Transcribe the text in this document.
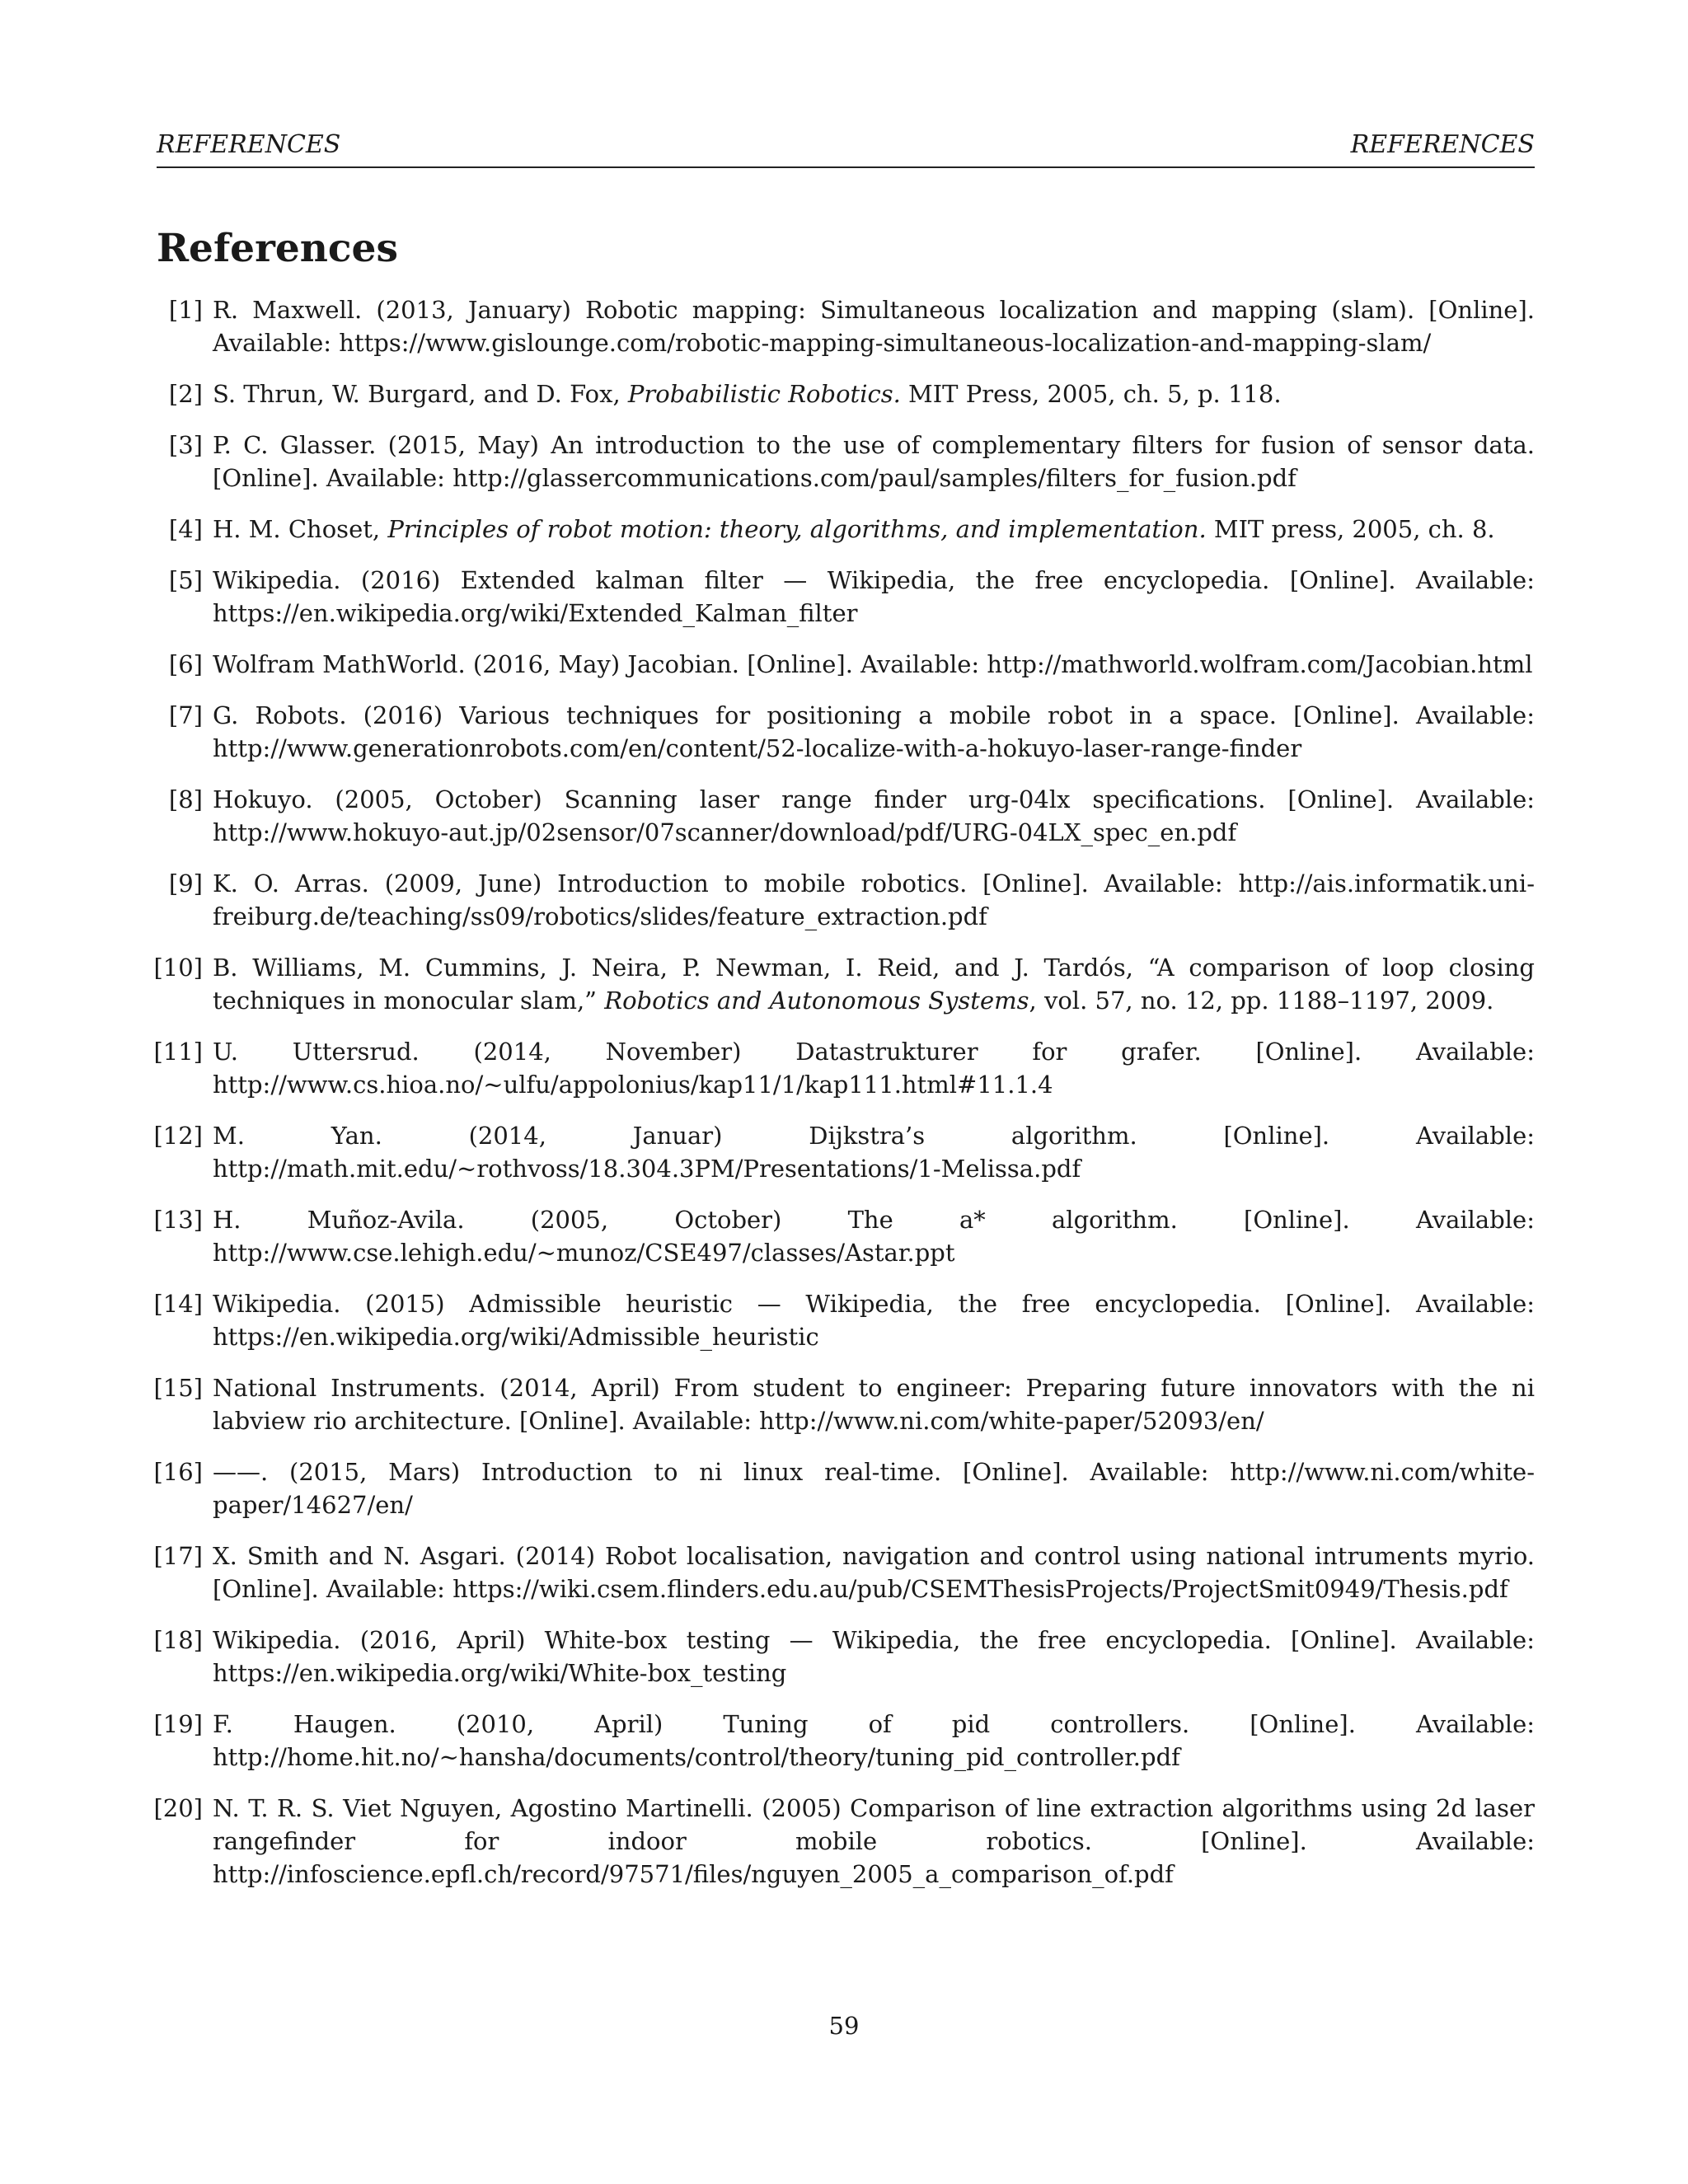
REFERENCES	REFERENCES
References
[1] R. Maxwell. (2013, January) Robotic mapping: Simultaneous localization and mapping (slam). [Online]. Available: https://www.gislounge.com/robotic-mapping-simultaneous-localization-and-mapping-slam/
[2] S. Thrun, W. Burgard, and D. Fox, Probabilistic Robotics. MIT Press, 2005, ch. 5, p. 118.
[3] P. C. Glasser. (2015, May) An introduction to the use of complementary filters for fusion of sensor data. [Online]. Available: http://glassercommunications.com/paul/samples/filters_for_fusion.pdf
[4] H. M. Choset, Principles of robot motion: theory, algorithms, and implementation. MIT press, 2005, ch. 8.
[5] Wikipedia. (2016) Extended kalman filter — Wikipedia, the free encyclopedia. [Online]. Available: https://en.wikipedia.org/wiki/Extended_Kalman_filter
[6] Wolfram MathWorld. (2016, May) Jacobian. [Online]. Available: http://mathworld.wolfram.com/Jacobian.html
[7] G. Robots. (2016) Various techniques for positioning a mobile robot in a space. [Online]. Available: http://www.generationrobots.com/en/content/52-localize-with-a-hokuyo-laser-range-finder
[8] Hokuyo. (2005, October) Scanning laser range finder urg-04lx specifications. [Online]. Available: http://www.hokuyo-aut.jp/02sensor/07scanner/download/pdf/URG-04LX_spec_en.pdf
[9] K. O. Arras. (2009, June) Introduction to mobile robotics. [Online]. Available: http://ais.informatik.uni-freiburg.de/teaching/ss09/robotics/slides/feature_extraction.pdf
[10] B. Williams, M. Cummins, J. Neira, P. Newman, I. Reid, and J. Tardós, “A comparison of loop closing techniques in monocular slam,” Robotics and Autonomous Systems, vol. 57, no. 12, pp. 1188–1197, 2009.
[11] U. Uttersrud. (2014, November) Datastrukturer for grafer. [Online]. Available: http://www.cs.hioa.no/~ulfu/appolonius/kap11/1/kap111.html#11.1.4
[12] M. Yan. (2014, Januar) Dijkstra’s algorithm. [Online]. Available: http://math.mit.edu/~rothvoss/18.304.3PM/Presentations/1-Melissa.pdf
[13] H. Muñoz-Avila. (2005, October) The a* algorithm. [Online]. Available: http://www.cse.lehigh.edu/~munoz/CSE497/classes/Astar.ppt
[14] Wikipedia. (2015) Admissible heuristic — Wikipedia, the free encyclopedia. [Online]. Available: https://en.wikipedia.org/wiki/Admissible_heuristic
[15] National Instruments. (2014, April) From student to engineer: Preparing future innovators with the ni labview rio architecture. [Online]. Available: http://www.ni.com/white-paper/52093/en/
[16] ——. (2015, Mars) Introduction to ni linux real-time. [Online]. Available: http://www.ni.com/white-paper/14627/en/
[17] X. Smith and N. Asgari. (2014) Robot localisation, navigation and control using national intruments myrio. [Online]. Available: https://wiki.csem.flinders.edu.au/pub/CSEMThesisProjects/ProjectSmit0949/Thesis.pdf
[18] Wikipedia. (2016, April) White-box testing — Wikipedia, the free encyclopedia. [Online]. Available: https://en.wikipedia.org/wiki/White-box_testing
[19] F. Haugen. (2010, April) Tuning of pid controllers. [Online]. Available: http://home.hit.no/~hansha/documents/control/theory/tuning_pid_controller.pdf
[20] N. T. R. S. Viet Nguyen, Agostino Martinelli. (2005) Comparison of line extraction algorithms using 2d laser rangefinder for indoor mobile robotics. [Online]. Available: http://infoscience.epfl.ch/record/97571/files/nguyen_2005_a_comparison_of.pdf
59
